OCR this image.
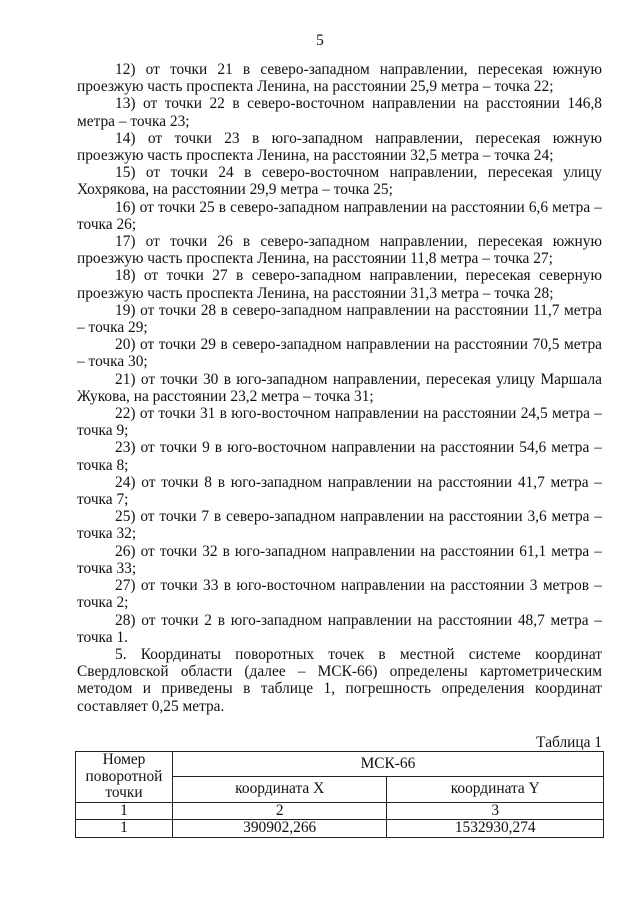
5

12) от точки 21 в северо-западном направлении, пересекая южную проезжую часть проспекта Ленина, на расстоянии 25,9 метра – точка 22;

13) от точки 22 в северо-восточном направлении на расстоянии 146,8 метра – точка 23;

14) от точки 23 в юго-западном направлении, пересекая южную проезжую часть проспекта Ленина, на расстоянии 32,5 метра – точка 24;

15) от точки 24 в северо-восточном направлении, пересекая улицу Хохрякова, на расстоянии 29,9 метра – точка 25;

16) от точки 25 в северо-западном направлении на расстоянии 6,6 метра – точка 26;

17) от точки 26 в северо-западном направлении, пересекая южную проезжую часть проспекта Ленина, на расстоянии 11,8 метра – точка 27;

18) от точки 27 в северо-западном направлении, пересекая северную проезжую часть проспекта Ленина, на расстоянии 31,3 метра – точка 28;

19) от точки 28 в северо-западном направлении на расстоянии 11,7 метра – точка 29;

20) от точки 29 в северо-западном направлении на расстоянии 70,5 метра – точка 30;

21) от точки 30 в юго-западном направлении, пересекая улицу Маршала Жукова, на расстоянии 23,2 метра – точка 31;

22) от точки 31 в юго-восточном направлении на расстоянии 24,5 метра – точка 9;

23) от точки 9 в юго-восточном направлении на расстоянии 54,6 метра – точка 8;

24) от точки 8 в юго-западном направлении на расстоянии 41,7 метра – точка 7;

25) от точки 7 в северо-западном направлении на расстоянии 3,6 метра – точка 32;

26) от точки 32 в юго-западном направлении на расстоянии 61,1 метра – точка 33;

27) от точки 33 в юго-восточном направлении на расстоянии 3 метров – точка 2;

28) от точки 2 в юго-западном направлении на расстоянии 48,7 метра – точка 1.

5. Координаты поворотных точек в местной системе координат Свердловской области (далее – МСК-66) определены картометрическим методом и приведены в таблице 1, погрешность определения координат составляет 0,25 метра.

Таблица 1
Номер поворотной точки	МСК-66	
	координата X	координата Y
1	2	3
1	390902,266	1532930,274
